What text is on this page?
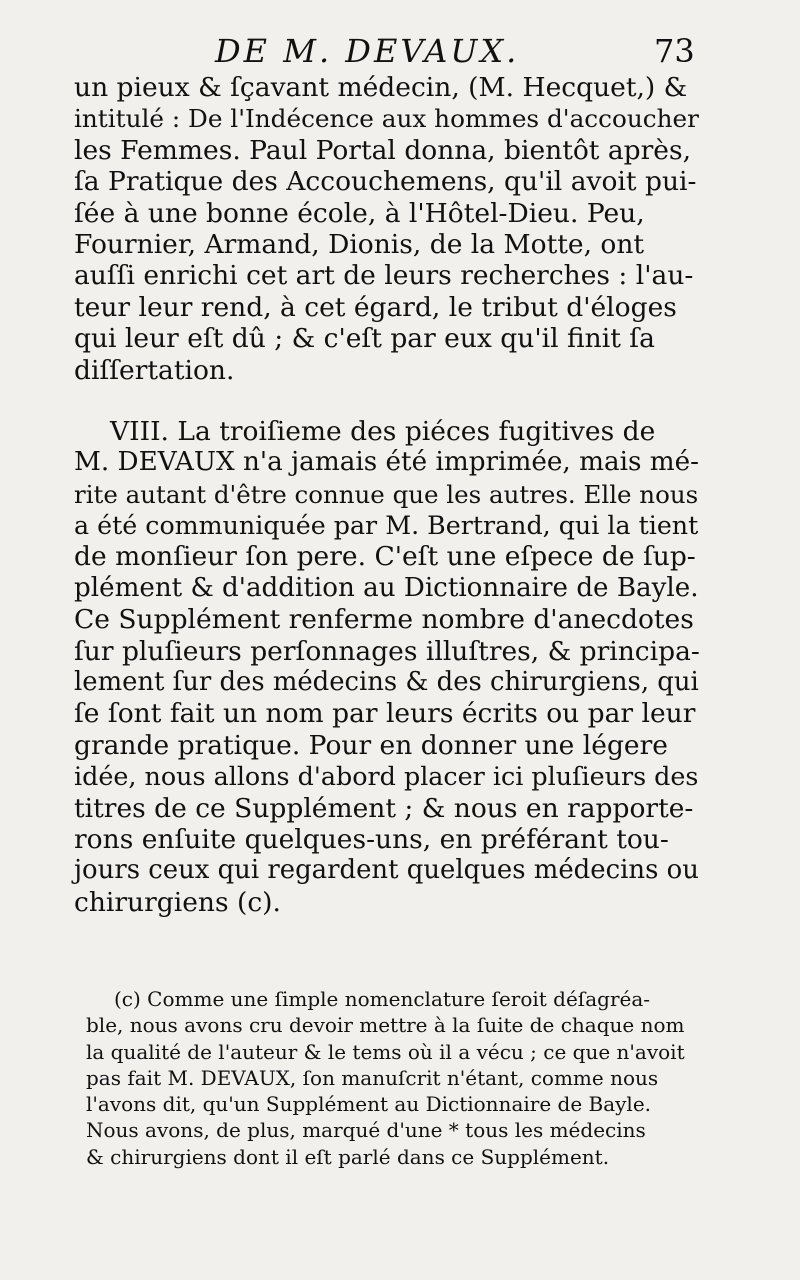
DE M. DEVAUX.	73
un pieux & ſçavant médecin, (M. Hecquet,) &
intitulé : De l'Indécence aux hommes d'accoucher
les Femmes. Paul Portal donna, bientôt après,
ſa Pratique des Accouchemens, qu'il avoit pui-
ſée à une bonne école, à l'Hôtel-Dieu. Peu,
Fournier, Armand, Dionis, de la Motte, ont
auſſi enrichi cet art de leurs recherches : l'au-
teur leur rend, à cet égard, le tribut d'éloges
qui leur eſt dû ; & c'eſt par eux qu'il finit ſa
diſſertation.
VIII. La troiſieme des piéces fugitives de
M. DEVAUX n'a jamais été imprimée, mais mé-
rite autant d'être connue que les autres. Elle nous
a été communiquée par M. Bertrand, qui la tient
de monſieur ſon pere. C'eſt une eſpece de ſup-
plément & d'addition au Dictionnaire de Bayle.
Ce Supplément renferme nombre d'anecdotes
ſur pluſieurs perſonnages illuſtres, & principa-
lement ſur des médecins & des chirurgiens, qui
ſe ſont fait un nom par leurs écrits ou par leur
grande pratique. Pour en donner une légere
idée, nous allons d'abord placer ici pluſieurs des
titres de ce Supplément ; & nous en rapporte-
rons enſuite quelques-uns, en préférant tou-
jours ceux qui regardent quelques médecins ou
chirurgiens (c).
(c) Comme une ſimple nomenclature ſeroit déſagréa-
ble, nous avons cru devoir mettre à la ſuite de chaque nom
la qualité de l'auteur & le tems où il a vécu ; ce que n'avoit
pas fait M. DEVAUX, ſon manuſcrit n'étant, comme nous
l'avons dit, qu'un Supplément au Dictionnaire de Bayle.
Nous avons, de plus, marqué d'une * tous les médecins
& chirurgiens dont il eſt parlé dans ce Supplément.
